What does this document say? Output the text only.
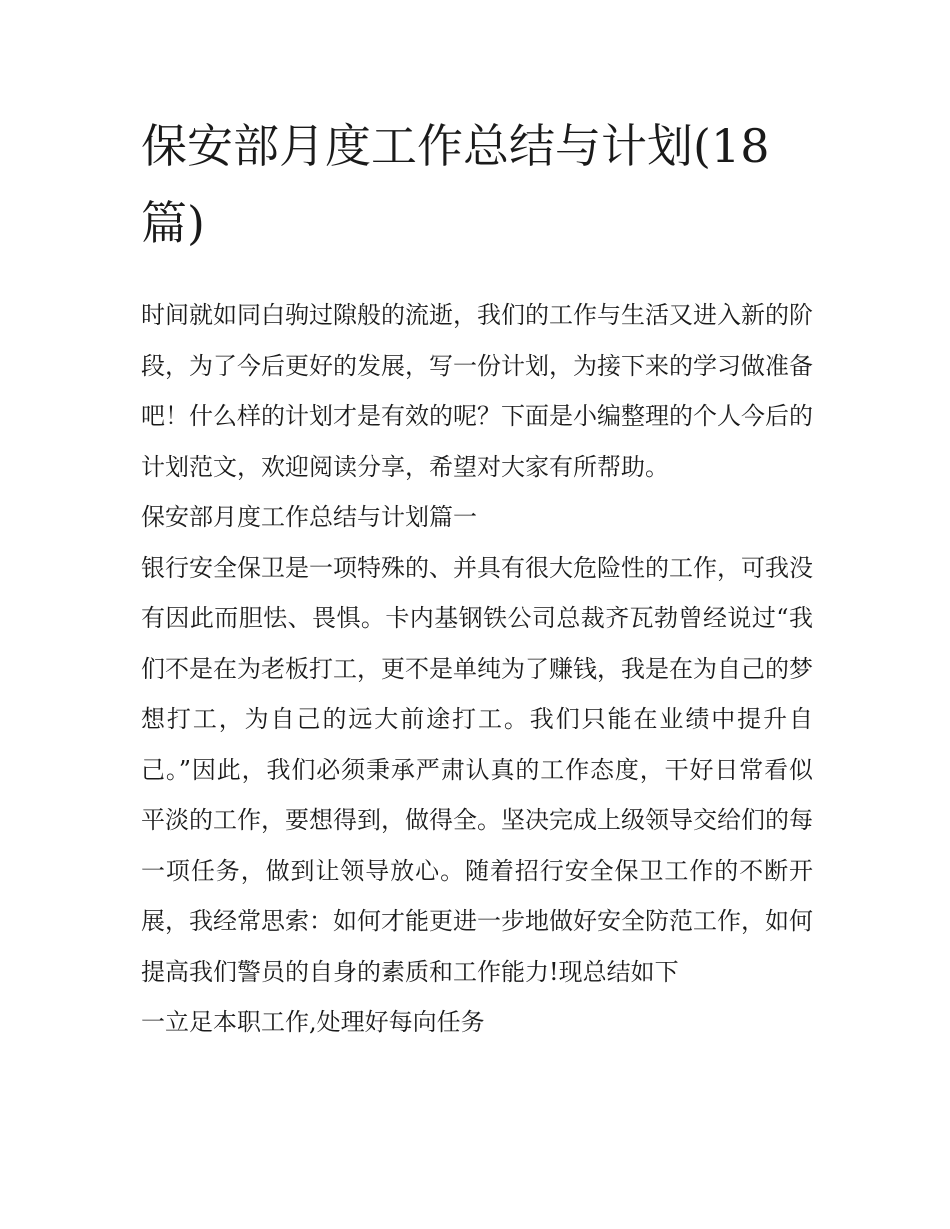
保安部月度工作总结与计划(18
篇)

时间就如同白驹过隙般的流逝，我们的工作与生活又进入新的阶段，为了今后更好的发展，写一份计划，为接下来的学习做准备吧！什么样的计划才是有效的呢？下面是小编整理的个人今后的计划范文，欢迎阅读分享，希望对大家有所帮助。

保安部月度工作总结与计划篇一

银行安全保卫是一项特殊的、并具有很大危险性的工作，可我没有因此而胆怯、畏惧。卡内基钢铁公司总裁齐瓦勃曾经说过“我们不是在为老板打工，更不是单纯为了赚钱，我是在为自己的梦想打工，为自己的远大前途打工。我们只能在业绩中提升自己。”因此，我们必须秉承严肃认真的工作态度，干好日常看似平淡的工作，要想得到，做得全。坚决完成上级领导交给们的每一项任务，做到让领导放心。随着招行安全保卫工作的不断开展，我经常思索：如何才能更进一步地做好安全防范工作，如何提高我们警员的自身的素质和工作能力!现总结如下

一立足本职工作,处理好每向任务
